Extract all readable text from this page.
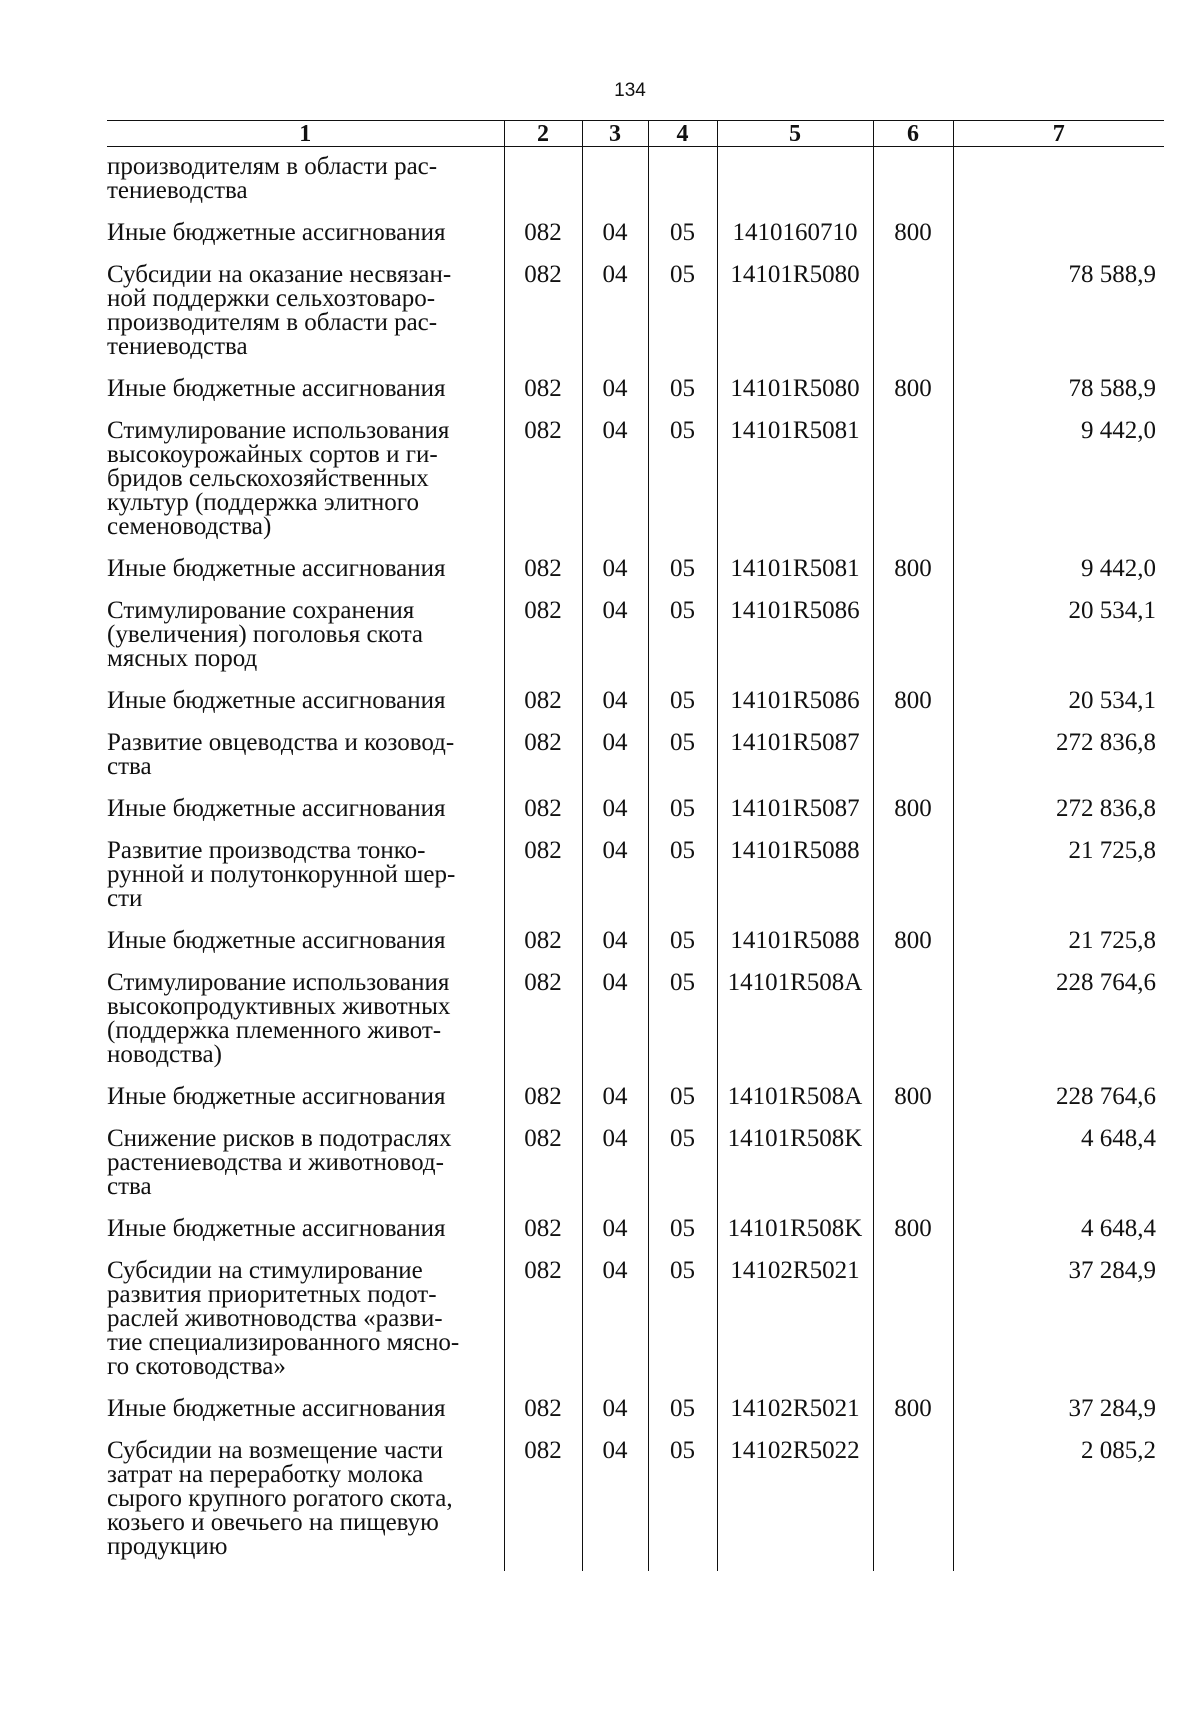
134
1	2	3	4	5	6	7

производителям в области рас-
тениеводства						

Иные бюджетные ассигнования	082	04	05	1410160710	800	

Субсидии на оказание несвязан-
ной поддержки сельхозтоваро-
производителям в области рас-
тениеводства	082	04	05	14101R5080		78 588,9

Иные бюджетные ассигнования	082	04	05	14101R5080	800	78 588,9

Стимулирование использования
высокоурожайных сортов и ги-
бридов сельскохозяйственных
культур (поддержка элитного
семеноводства)	082	04	05	14101R5081		9 442,0

Иные бюджетные ассигнования	082	04	05	14101R5081	800	9 442,0

Стимулирование сохранения
(увеличения) поголовья скота
мясных пород	082	04	05	14101R5086		20 534,1

Иные бюджетные ассигнования	082	04	05	14101R5086	800	20 534,1

Развитие овцеводства и козовод-
ства	082	04	05	14101R5087		272 836,8

Иные бюджетные ассигнования	082	04	05	14101R5087	800	272 836,8

Развитие производства тонко-
рунной и полутонкорунной шер-
сти	082	04	05	14101R5088		21 725,8

Иные бюджетные ассигнования	082	04	05	14101R5088	800	21 725,8

Стимулирование использования
высокопродуктивных животных
(поддержка племенного живот-
новодства)	082	04	05	14101R508A		228 764,6

Иные бюджетные ассигнования	082	04	05	14101R508A	800	228 764,6

Снижение рисков в подотраслях
растениеводства и животновод-
ства	082	04	05	14101R508K		4 648,4

Иные бюджетные ассигнования	082	04	05	14101R508K	800	4 648,4

Субсидии на стимулирование
развития приоритетных подот-
раслей животноводства «разви-
тие специализированного мясно-
го скотоводства»	082	04	05	14102R5021		37 284,9

Иные бюджетные ассигнования	082	04	05	14102R5021	800	37 284,9

Субсидии на возмещение части
затрат на переработку молока
сырого крупного рогатого скота,
козьего и овечьего на пищевую
продукцию	082	04	05	14102R5022		2 085,2
